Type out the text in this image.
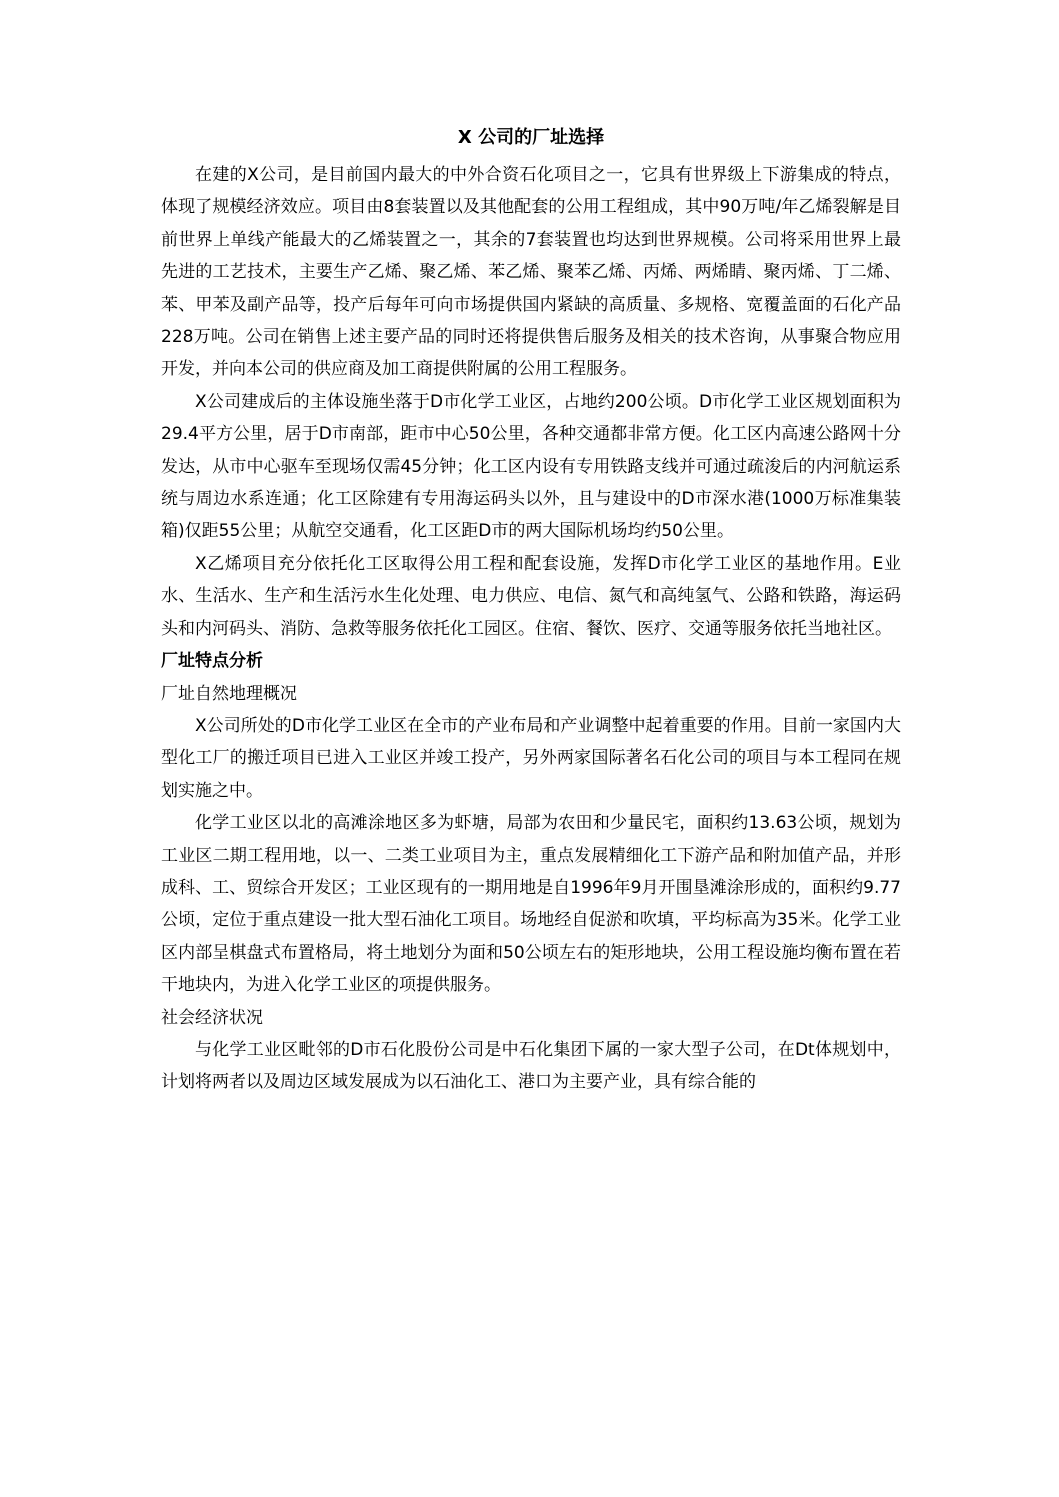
X 公司的厂址选择

在建的X公司，是目前国内最大的中外合资石化项目之一，它具有世界级上下游集成的特点，体现了规模经济效应。项目由8套装置以及其他配套的公用工程组成，其中90万吨/年乙烯裂解是目前世界上单线产能最大的乙烯装置之一，其余的7套装置也均达到世界规模。公司将采用世界上最先进的工艺技术，主要生产乙烯、聚乙烯、苯乙烯、聚苯乙烯、丙烯、两烯睛、聚丙烯、丁二烯、苯、甲苯及副产品等，投产后每年可向市场提供国内紧缺的高质量、多规格、宽覆盖面的石化产品228万吨。公司在销售上述主要产品的同时还将提供售后服务及相关的技术咨询，从事聚合物应用开发，并向本公司的供应商及加工商提供附属的公用工程服务。

X公司建成后的主体设施坐落于D市化学工业区，占地约200公顷。D市化学工业区规划面积为29.4平方公里，居于D市南部，距市中心50公里，各种交通都非常方便。化工区内高速公路网十分发达，从市中心驱车至现场仅需45分钟；化工区内设有专用铁路支线并可通过疏浚后的内河航运系统与周边水系连通；化工区除建有专用海运码头以外，且与建设中的D市深水港(1000万标准集装箱)仅距55公里；从航空交通看，化工区距D市的两大国际机场均约50公里。

X乙烯项目充分依托化工区取得公用工程和配套设施，发挥D市化学工业区的基地作用。E业水、生活水、生产和生活污水生化处理、电力供应、电信、氮气和高纯氢气、公路和铁路，海运码头和内河码头、消防、急救等服务依托化工园区。住宿、餐饮、医疗、交通等服务依托当地社区。

厂址特点分析
厂址自然地理概况

X公司所处的D市化学工业区在全市的产业布局和产业调整中起着重要的作用。目前一家国内大型化工厂的搬迁项目已进入工业区并竣工投产，另外两家国际著名石化公司的项目与本工程同在规划实施之中。

化学工业区以北的高滩涂地区多为虾塘，局部为农田和少量民宅，面积约13.63公顷，规划为工业区二期工程用地，以一、二类工业项目为主，重点发展精细化工下游产品和附加值产品，并形成科、工、贸综合开发区；工业区现有的一期用地是自1996年9月开围垦滩涂形成的，面积约9.77公顷，定位于重点建设一批大型石油化工项目。场地经自促淤和吹填，平均标高为35米。化学工业区内部呈棋盘式布置格局，将土地划分为面和50公顷左右的矩形地块，公用工程设施均衡布置在若干地块内，为进入化学工业区的项提供服务。

社会经济状况

与化学工业区毗邻的D市石化股份公司是中石化集团下属的一家大型子公司，在Dt体规划中，计划将两者以及周边区域发展成为以石油化工、港口为主要产业，具有综合能的
